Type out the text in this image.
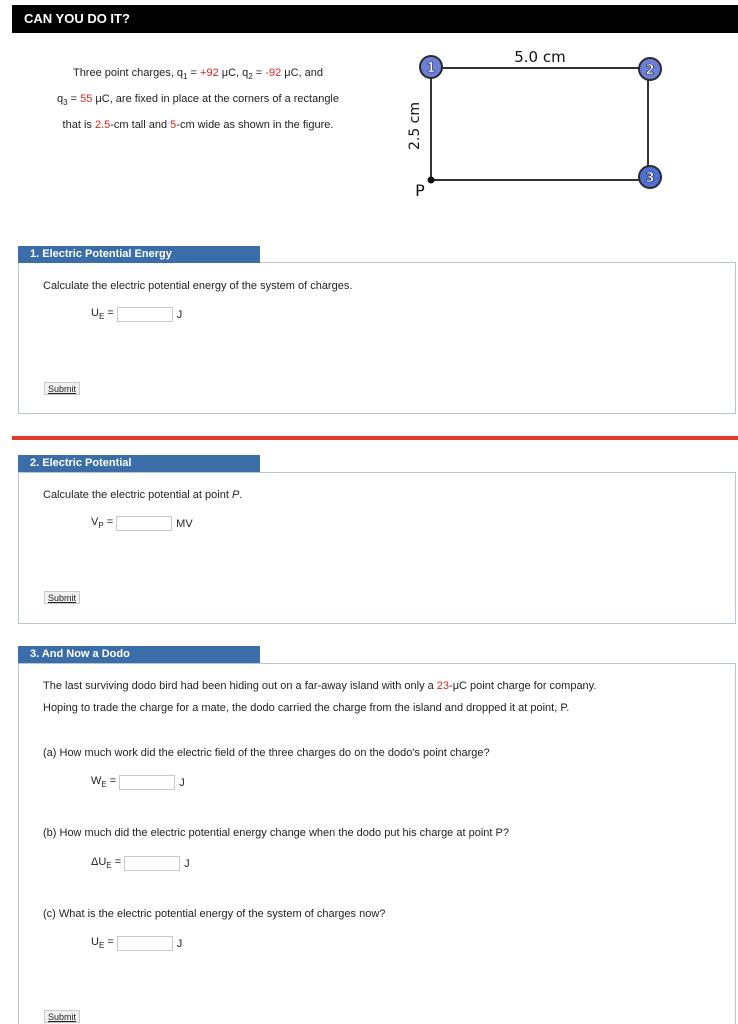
CAN YOU DO IT?
Three point charges, $q_1 = +92$ μC, $q_2 = -92$ μC, and
$q_3 = 55$ μC, are fixed in place at the corners of a rectangle
that is 2.5-cm tall and 5-cm wide as shown in the figure.
5.0 cm
2.5 cm
P
1	2
3
1. Electric Potential Energy
Calculate the electric potential energy of the system of charges.
$U_E$ =	J
Submit
2. Electric Potential
Calculate the electric potential at point P.
$V_P$ =	MV
Submit
3. And Now a Dodo
The last surviving dodo bird had been hiding out on a far-away island with only a 23-μC point charge for company.
Hoping to trade the charge for a mate, the dodo carried the charge from the island and dropped it at point, P.
(a) How much work did the electric field of the three charges do on the dodo's point charge?
$W_E$ =	J
(b) How much did the electric potential energy change when the dodo put his charge at point P?
$\Delta U_E$ =	J
(c) What is the electric potential energy of the system of charges now?
$U_E$ =	J
Submit
